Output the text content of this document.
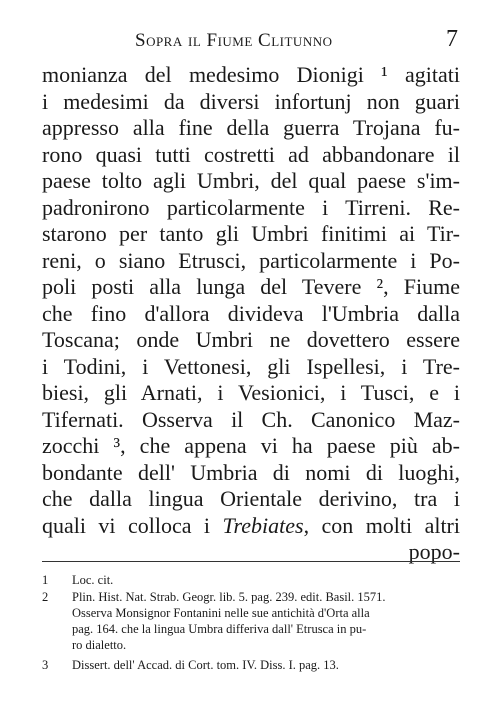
Sopra il Fiume Clitunno	7
monianza del medesimo Dionigi ¹ agitati
i medesimi da diversi infortunj non guari
appresso alla fine della guerra Trojana fu-
rono quasi tutti costretti ad abbandonare il
paese tolto agli Umbri, del qual paese s'im-
padronirono particolarmente i Tirreni. Re-
starono per tanto gli Umbri finitimi ai Tir-
reni, o siano Etrusci, particolarmente i Po-
poli posti alla lunga del Tevere ², Fiume
che fino d'allora divideva l'Umbria dalla
Toscana; onde Umbri ne dovettero essere
i Todini, i Vettonesi, gli Ispellesi, i Tre-
biesi, gli Arnati, i Vesionici, i Tusci, e i
Tifernati. Osserva il Ch. Canonico Maz-
zocchi ³, che appena vi ha paese più ab-
bondante dell' Umbria di nomi di luoghi,
che dalla lingua Orientale derivino, tra i
quali vi colloca i Trebiates, con molti altri
popo-
1	Loc. cit.
2	Plin. Hist. Nat. Strab. Geogr. lib. 5. pag. 239. edit. Basil. 1571.
Osserva Monsignor Fontanini nelle sue antichità d'Orta alla
pag. 164. che la lingua Umbra differiva dall' Etrusca in pu-
ro dialetto.
3	Dissert. dell' Accad. di Cort. tom. IV. Diss. I. pag. 13.
